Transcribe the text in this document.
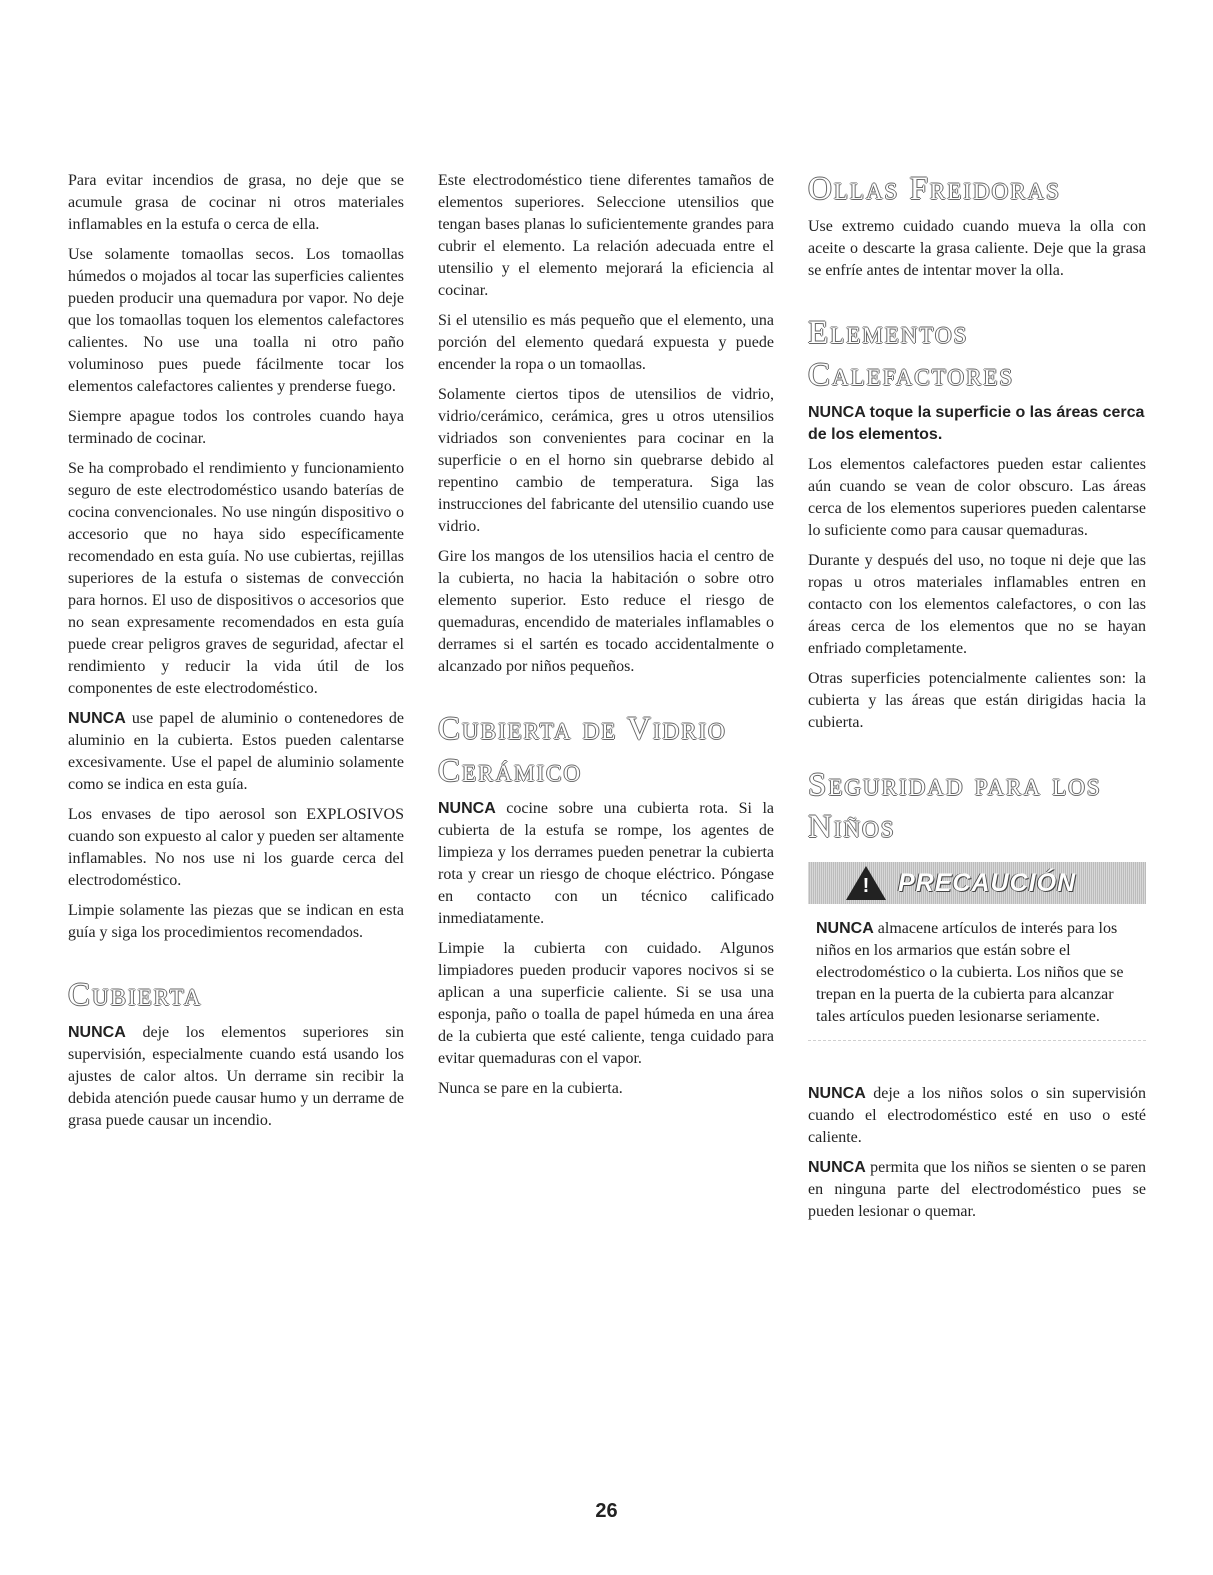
Para evitar incendios de grasa, no deje que se acumule grasa de cocinar ni otros materiales inflamables en la estufa o cerca de ella.

Use solamente tomaollas secos. Los tomaollas húmedos o mojados al tocar las superficies calientes pueden producir una quemadura por vapor. No deje que los tomaollas toquen los elementos calefactores calientes. No use una toalla ni otro paño voluminoso pues puede fácilmente tocar los elementos calefactores calientes y prenderse fuego.

Siempre apague todos los controles cuando haya terminado de cocinar.

Se ha comprobado el rendimiento y funcionamiento seguro de este electrodoméstico usando baterías de cocina convencionales. No use ningún dispositivo o accesorio que no haya sido específicamente recomendado en esta guía. No use cubiertas, rejillas superiores de la estufa o sistemas de convección para hornos. El uso de dispositivos o accesorios que no sean expresamente recomendados en esta guía puede crear peligros graves de seguridad, afectar el rendimiento y reducir la vida útil de los componentes de este electrodoméstico.

NUNCA use papel de aluminio o contenedores de aluminio en la cubierta. Estos pueden calentarse excesivamente. Use el papel de aluminio solamente como se indica en esta guía.

Los envases de tipo aerosol son EXPLOSIVOS cuando son expuesto al calor y pueden ser altamente inflamables. No nos use ni los guarde cerca del electrodoméstico.

Limpie solamente las piezas que se indican en esta guía y siga los procedimientos recomendados.

Cubierta

NUNCA deje los elementos superiores sin supervisión, especialmente cuando está usando los ajustes de calor altos. Un derrame sin recibir la debida atención puede causar humo y un derrame de grasa puede causar un incendio.

Este electrodoméstico tiene diferentes tamaños de elementos superiores. Seleccione utensilios que tengan bases planas lo suficientemente grandes para cubrir el elemento. La relación adecuada entre el utensilio y el elemento mejorará la eficiencia al cocinar.

Si el utensilio es más pequeño que el elemento, una porción del elemento quedará expuesta y puede encender la ropa o un tomaollas.

Solamente ciertos tipos de utensilios de vidrio, vidrio/cerámico, cerámica, gres u otros utensilios vidriados son convenientes para cocinar en la superficie o en el horno sin quebrarse debido al repentino cambio de temperatura. Siga las instrucciones del fabricante del utensilio cuando use vidrio.

Gire los mangos de los utensilios hacia el centro de la cubierta, no hacia la habitación o sobre otro elemento superior. Esto reduce el riesgo de quemaduras, encendido de materiales inflamables o derrames si el sartén es tocado accidentalmente o alcanzado por niños pequeños.

Cubierta de Vidrio Cerámico

NUNCA cocine sobre una cubierta rota. Si la cubierta de la estufa se rompe, los agentes de limpieza y los derrames pueden penetrar la cubierta rota y crear un riesgo de choque eléctrico. Póngase en contacto con un técnico calificado inmediatamente.

Limpie la cubierta con cuidado. Algunos limpiadores pueden producir vapores nocivos si se aplican a una superficie caliente. Si se usa una esponja, paño o toalla de papel húmeda en una área de la cubierta que esté caliente, tenga cuidado para evitar quemaduras con el vapor.

Nunca se pare en la cubierta.

Ollas Freidoras

Use extremo cuidado cuando mueva la olla con aceite o descarte la grasa caliente. Deje que la grasa se enfríe antes de intentar mover la olla.

Elementos Calefactores

NUNCA toque la superficie o las áreas cerca de los elementos.

Los elementos calefactores pueden estar calientes aún cuando se vean de color obscuro. Las áreas cerca de los elementos superiores pueden calentarse lo suficiente como para causar quemaduras.

Durante y después del uso, no toque ni deje que las ropas u otros materiales inflamables entren en contacto con los elementos calefactores, o con las áreas cerca de los elementos que no se hayan enfriado completamente.

Otras superficies potencialmente calientes son: la cubierta y las áreas que están dirigidas hacia la cubierta.

Seguridad para los Niños
! PRECAUCIÓN

NUNCA almacene artículos de interés para los niños en los armarios que están sobre el electrodoméstico o la cubierta. Los niños que se trepan en la puerta de la cubierta para alcanzar tales artículos pueden lesionarse seriamente.

NUNCA deje a los niños solos o sin supervisión cuando el electrodoméstico esté en uso o esté caliente.

NUNCA permita que los niños se sienten o se paren en ninguna parte del electrodoméstico pues se pueden lesionar o quemar.

26
